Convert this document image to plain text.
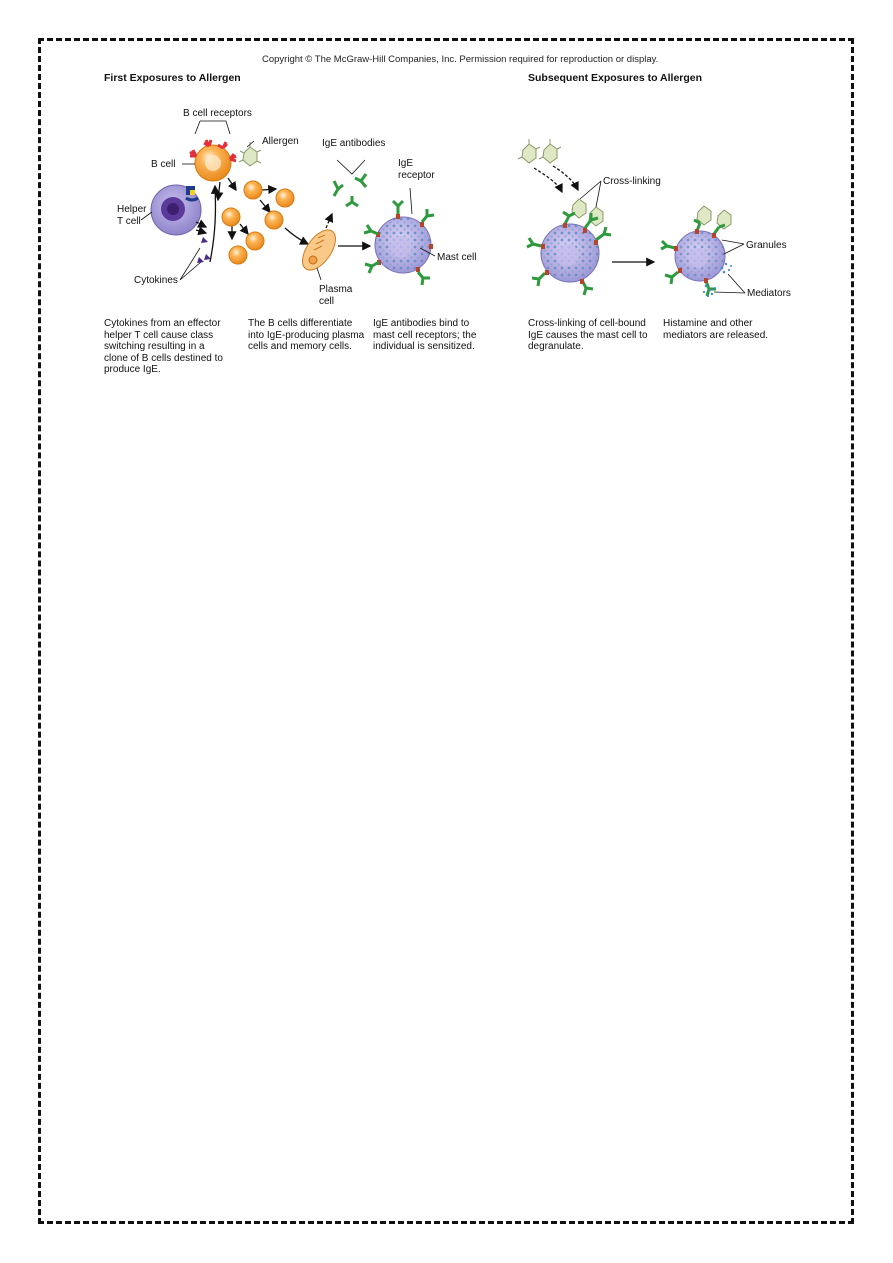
Copyright © The McGraw-Hill Companies, Inc. Permission required for reproduction or display.
First Exposures to Allergen	Subsequent Exposures to Allergen
B cell receptors
Allergen
B cell
Helper
T cell
Cytokines
IgE antibodies
IgE
receptor
Mast cell
Plasma
cell
Cross-linking
Granules
Mediators
Cytokines from an effector
helper T cell cause class
switching resulting in a
clone of B cells destined to
produce IgE.
The B cells differentiate
into IgE-producing plasma
cells and memory cells.
IgE antibodies bind to
mast cell receptors; the
individual is sensitized.
Cross-linking of cell-bound
IgE causes the mast cell to
degranulate.
Histamine and other
mediators are released.
